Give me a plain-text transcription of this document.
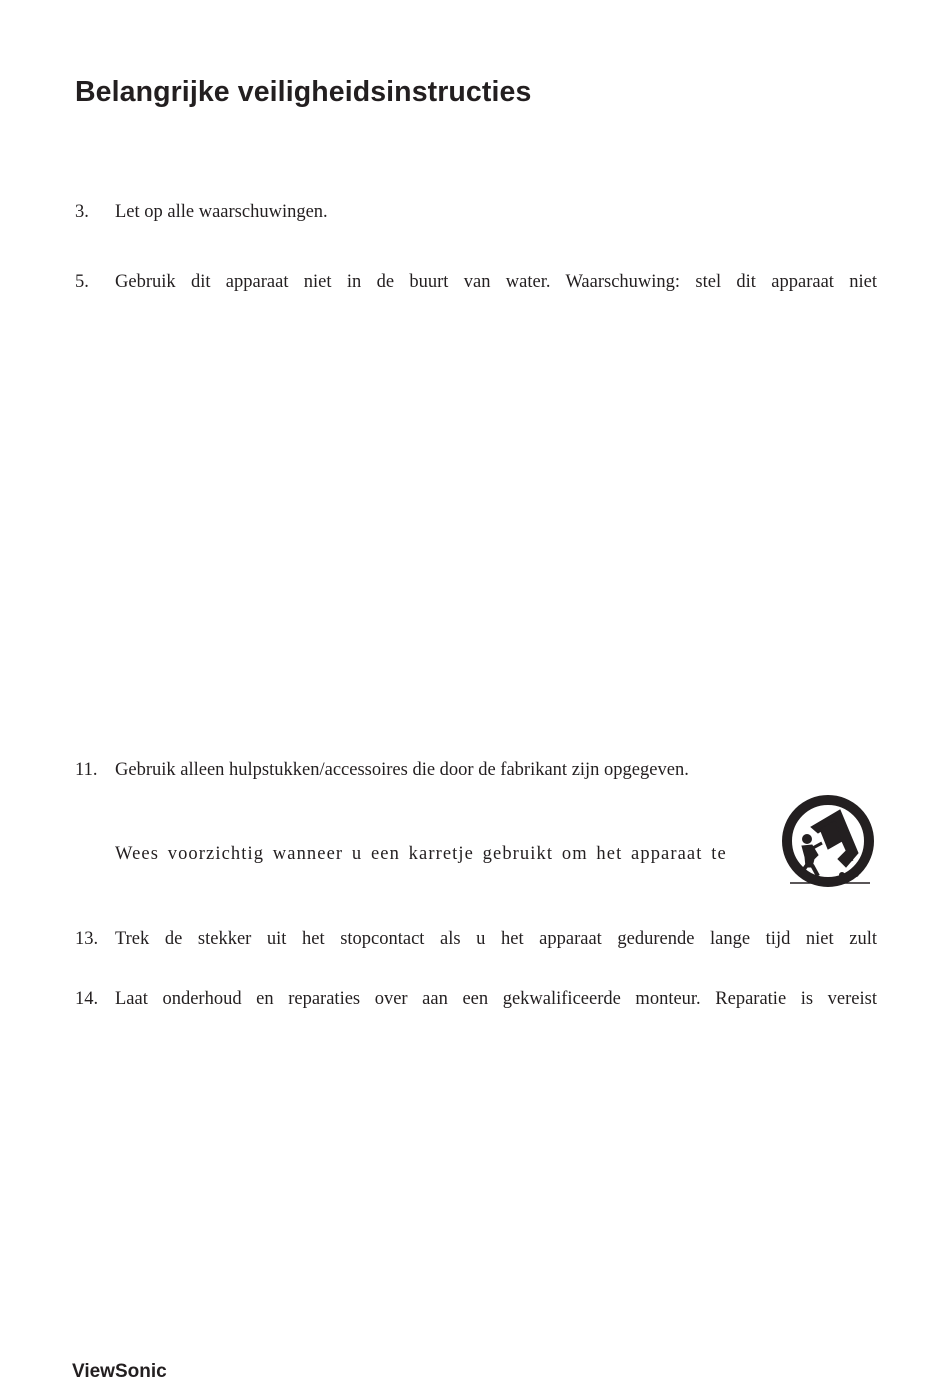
Belangrijke veiligheidsinstructies
3. Let op alle waarschuwingen.
5. Gebruik dit apparaat niet in de buurt van water. Waarschuwing: stel dit apparaat niet
11. Gebruik alleen hulpstukken/accessoires die door de fabrikant zijn opgegeven.
Wees voorzichtig wanneer u een karretje gebruikt om het apparaat te
13. Trek de stekker uit het stopcontact als u het apparaat gedurende lange tijd niet zult
14. Laat onderhoud en reparaties over aan een gekwalificeerde monteur. Reparatie is vereist
ViewSonic
